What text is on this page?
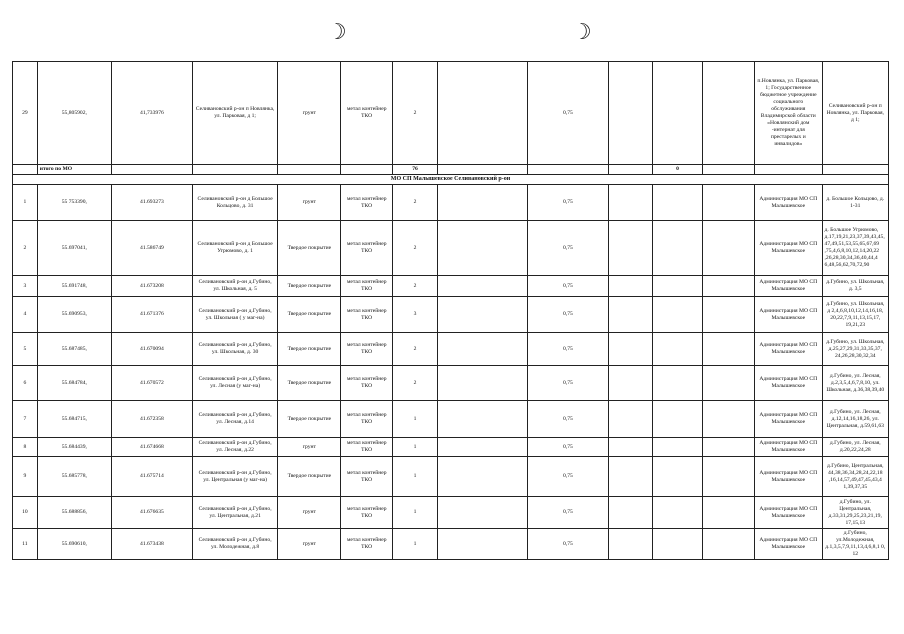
☽	☽
29	55,805902,	41,733976	Селивановский р-он п Новлянка, ул. Парковая, д 1;	грунт	метал контейнер ТКО	2		0,75				п.Новлянка, ул. Парковая, 1; Государственное бюджетное учреждение социального обслуживания Владимирской области «Новлянский дом -интернат для престарелых и инвалидов»	Селивановский р-он п Новлянка, ул. Парковая, д 1;
	итого по МО					76				0		

МО СП Малышевское Селивановский р-он													
1	55 753390,	41.693273	Селивановский р-он д Большое Кольцово, д. 31	грунт	метал контейнер ТКО	2		0,75				Администрация МО СП Малышевское	д. Большое Кольцово, д. 1-31
2	55.697041,	41.586749	Селивановский р-он д Большое Угрюмово, д. 1	Твердое покрытие	метал контейнер ТКО	2		0,75				Администрация МО СП Малышевское	д. Большое Угрюмово, д.17,19,21,23,37,39,43,45, 47,49,51,53,55,65,67,69 ,75,4,6,8,10,12,14,20,22 ,26,28,30,34,36,40,44,4 6,48,56,62,70,72,90
3	55.691748,	41.673208	Селивановский р-он д.Губино, ул. Школьная, д. 5	Твердое покрытие	метал контейнер ТКО	2		0,75				Администрация МО СП Малышевское	д.Губино, ул. Школьная, д. 3,5
4	55.690953,	41.671376	Селивановский р-он д.Губино, ул. Школьная ( у маг-на)	Твердое покрытие	метал контейнер ТКО	3		0,75				Администрация МО СП Малышевское	д.Губино, ул. Школьная, д 2,4,6,8,10,12,14,16,18, 20,22,7,9,11,13,15,17, 19,21,23
5	55.687485,	41.670094	Селивановский р-он д.Губино, ул. Школьная, д. 30	Твердое покрытие	метал контейнер ТКО	2		0,75				Администрация МО СП Малышевское	д.Губино, ул. Школьная, д.25,27,29,31,33,35,37, 24,26,28,30,32,34
6	55.684784,	41.670572	Селивановский р-он д.Губино, ул. Лесная (у маг-на)	Твердое покрытие	метал контейнер ТКО	2		0,75				Администрация МО СП Малышевское	д.Губино, ул. Лесная, д.2,3,5,4,6,7,8,10, ул. Школьная, д.36,38,39,40
7	55.684715,	41.672358	Селивановский р-он д.Губино, ул. Лесная, д.14	Твердое покрытие	метал контейнер ТКО	1		0,75				Администрация МО СП Малышевское	д.Губино, ул. Лесная, д.12,14,16,18,26, ул. Центральная, д.59,61,63
8	55.684439,	41.674668	Селивановский р-он д.Губино, ул. Лесная, д.22	грунт	метал контейнер ТКО	1		0,75				Администрация МО СП Малышевское	д.Губино, ул. Лесная, д.20,22,24,28
9	55.685778,	41.675714	Селивановский р-он д.Губино, ул. Центральная (у маг-на)	Твердое покрытие	метал контейнер ТКО	1		0,75				Администрация МО СП Малышевское	д.Губино, Центральная, 44,38,36,34,28,24,22,18 ,16,14,57,49,47,45,43,4 1,39,37,35
10	55.688856,	41.676635	Селивановский р-он д.Губино, ул. Центральная, д.21	грунт	метал контейнер ТКО	1		0,75				Администрация МО СП Малышевское	д.Губино, ул. Центральная, д.33,31,29,25,23,21,19, 17,15,13
11	55.690610,	41.673438	Селивановский р-он д.Губино, ул. Молодежная, д.8	грунт	метал контейнер ТКО	1		0,75				Администрация МО СП Малышевское	д.Губино, ул.Молодежная, д.1,3,5,7,9,11,13,4,6,8,1 0, 12
